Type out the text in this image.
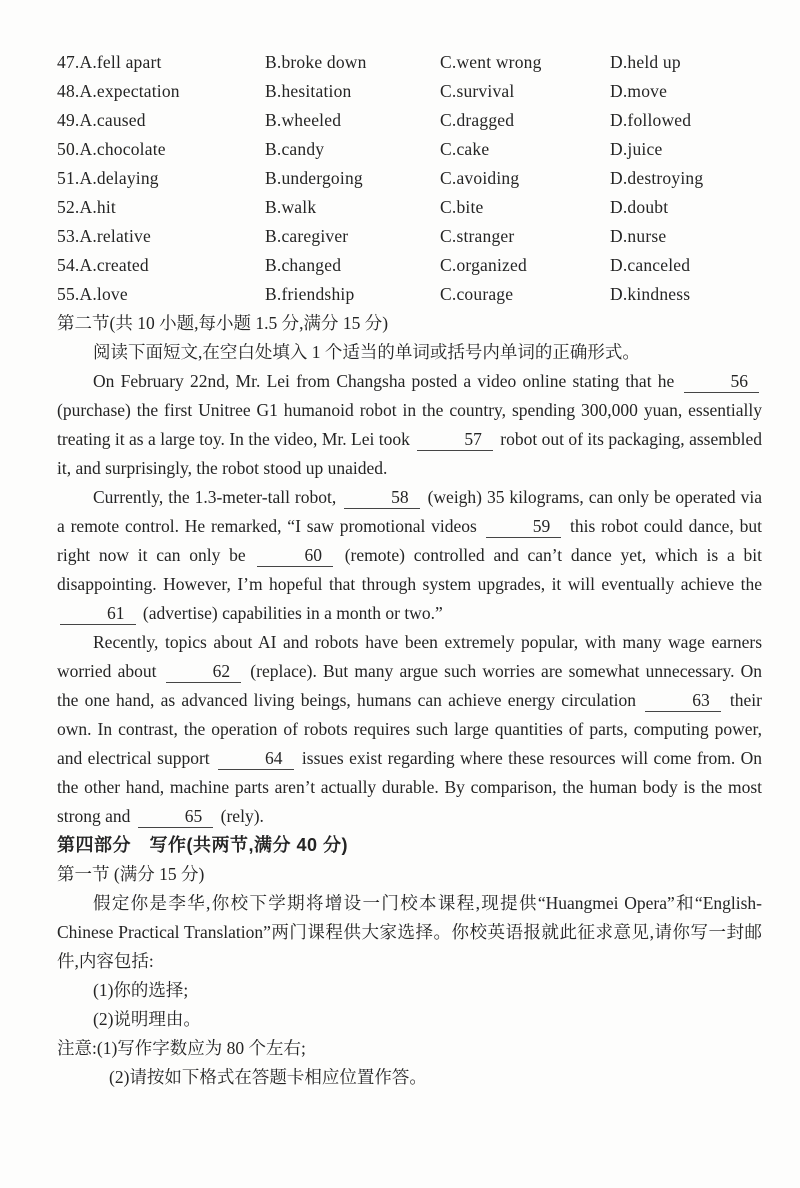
47.A.fell apart	B.broke down	C.went wrong	D.held up
48.A.expectation	B.hesitation	C.survival	D.move
49.A.caused	B.wheeled	C.dragged	D.followed
50.A.chocolate	B.candy	C.cake	D.juice
51.A.delaying	B.undergoing	C.avoiding	D.destroying
52.A.hit	B.walk	C.bite	D.doubt
53.A.relative	B.caregiver	C.stranger	D.nurse
54.A.created	B.changed	C.organized	D.canceled
55.A.love	B.friendship	C.courage	D.kindness
第二节(共 10 小题,每小题 1.5 分,满分 15 分)
阅读下面短文,在空白处填入 1 个适当的单词或括号内单词的正确形式。

On February 22nd, Mr. Lei from Changsha posted a video online stating that he	56 (purchase) the first Unitree G1 humanoid robot in the country, spending 300,000 yuan, essentially treating it as a large toy. In the video, Mr. Lei took	57 robot out of its packaging, assembled it, and surprisingly, the robot stood up unaided.

Currently, the 1.3-meter-tall robot,	58 (weigh) 35 kilograms, can only be operated via a remote control. He remarked, “I saw promotional videos	59 this robot could dance, but right now it can only be	60 (remote) controlled and can’t dance yet, which is a bit disappointing. However, I’m hopeful that through system upgrades, it will eventually achieve the 61 (advertise) capabilities in a month or two.”

Recently, topics about AI and robots have been extremely popular, with many wage earners worried about	62 (replace). But many argue such worries are somewhat unnecessary. On the one hand, as advanced living beings, humans can achieve energy circulation	63 their own. In contrast, the operation of robots requires such large quantities of parts, computing power, and electrical support	64 issues exist regarding where these resources will come from. On the other hand, machine parts aren’t actually durable. By comparison, the human body is the most strong and	65 (rely).

第四部分　写作(共两节,满分 40 分)
第一节 (满分 15 分)

假定你是李华,你校下学期将增设一门校本课程,现提供“Huangmei Opera”和“English-Chinese Practical Translation”两门课程供大家选择。你校英语报就此征求意见,请你写一封邮件,内容包括:

(1)你的选择;
(2)说明理由。
注意:(1)写作字数应为 80 个左右;
(2)请按如下格式在答题卡相应位置作答。
